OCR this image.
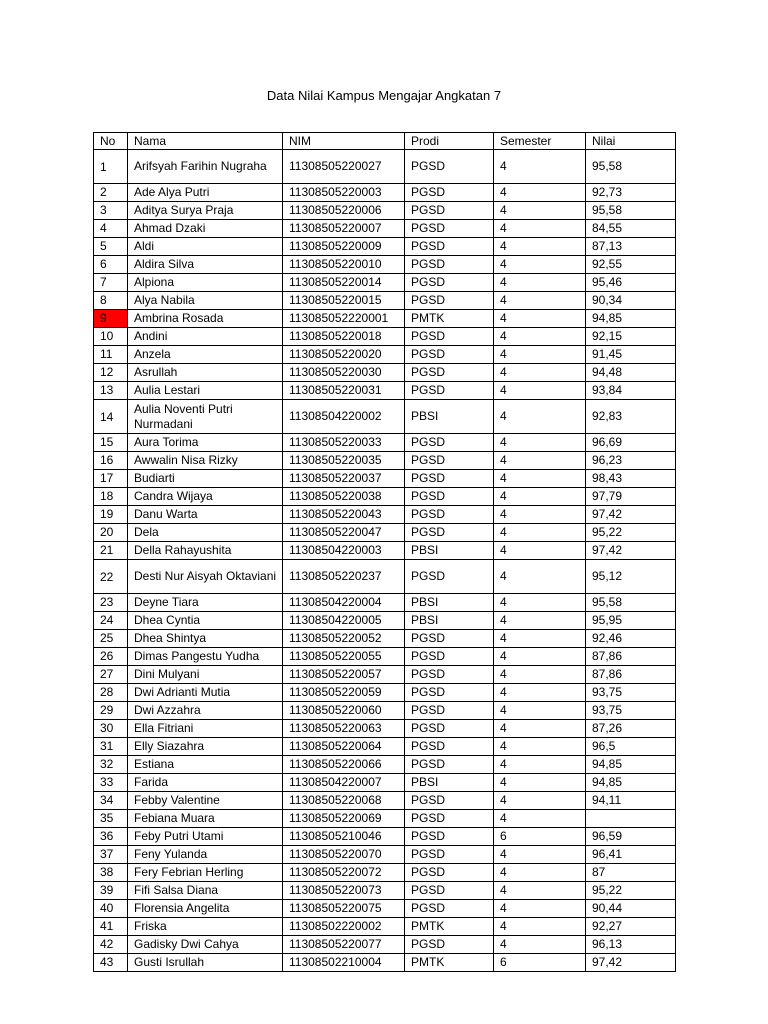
Data Nilai Kampus Mengajar Angkatan 7
No	Nama	NIM	Prodi	Semester	Nilai
1	Arifsyah Farihin Nugraha	11308505220027	PGSD	4	95,58
2	Ade Alya Putri	11308505220003	PGSD	4	92,73
3	Aditya Surya Praja	11308505220006	PGSD	4	95,58
4	Ahmad Dzaki	11308505220007	PGSD	4	84,55
5	Aldi	11308505220009	PGSD	4	87,13
6	Aldira Silva	11308505220010	PGSD	4	92,55
7	Alpiona	11308505220014	PGSD	4	95,46
8	Alya Nabila	11308505220015	PGSD	4	90,34
9	Ambrina Rosada	113085052220001	PMTK	4	94,85
10	Andini	11308505220018	PGSD	4	92,15
11	Anzela	11308505220020	PGSD	4	91,45
12	Asrullah	11308505220030	PGSD	4	94,48
13	Aulia Lestari	11308505220031	PGSD	4	93,84
14	Aulia Noventi Putri Nurmadani	11308504220002	PBSI	4	92,83
15	Aura Torima	11308505220033	PGSD	4	96,69
16	Awwalin Nisa Rizky	11308505220035	PGSD	4	96,23
17	Budiarti	11308505220037	PGSD	4	98,43
18	Candra Wijaya	11308505220038	PGSD	4	97,79
19	Danu Warta	11308505220043	PGSD	4	97,42
20	Dela	11308505220047	PGSD	4	95,22
21	Della Rahayushita	11308504220003	PBSI	4	97,42
22	Desti Nur Aisyah Oktaviani	11308505220237	PGSD	4	95,12
23	Deyne Tiara	11308504220004	PBSI	4	95,58
24	Dhea Cyntia	11308504220005	PBSI	4	95,95
25	Dhea Shintya	11308505220052	PGSD	4	92,46
26	Dimas Pangestu Yudha	11308505220055	PGSD	4	87,86
27	Dini Mulyani	11308505220057	PGSD	4	87,86
28	Dwi Adrianti Mutia	11308505220059	PGSD	4	93,75
29	Dwi Azzahra	11308505220060	PGSD	4	93,75
30	Ella Fitriani	11308505220063	PGSD	4	87,26
31	Elly Siazahra	11308505220064	PGSD	4	96,5
32	Estiana	11308505220066	PGSD	4	94,85
33	Farida	11308504220007	PBSI	4	94,85
34	Febby Valentine	11308505220068	PGSD	4	94,11
35	Febiana Muara	11308505220069	PGSD	4	
36	Feby Putri Utami	11308505210046	PGSD	6	96,59
37	Feny Yulanda	11308505220070	PGSD	4	96,41
38	Fery Febrian Herling	11308505220072	PGSD	4	87
39	Fifi Salsa Diana	11308505220073	PGSD	4	95,22
40	Florensia Angelita	11308505220075	PGSD	4	90,44
41	Friska	11308502220002	PMTK	4	92,27
42	Gadisky Dwi Cahya	11308505220077	PGSD	4	96,13
43	Gusti Isrullah	11308502210004	PMTK	6	97,42
